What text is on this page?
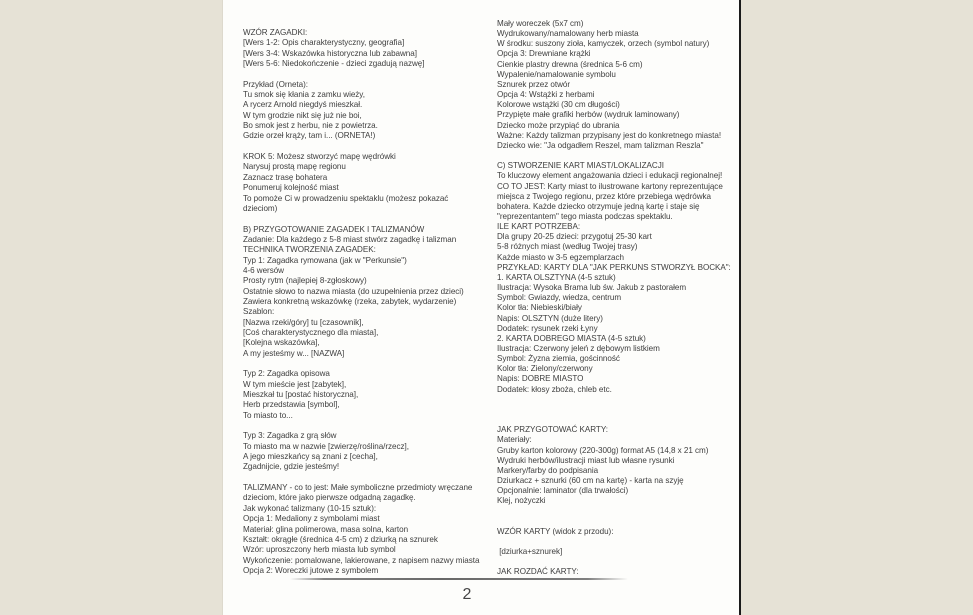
WZÓR ZAGADKI:
[Wers 1-2: Opis charakterystyczny, geografia]
[Wers 3-4: Wskazówka historyczna lub zabawna]
[Wers 5-6: Niedokończenie - dzieci zgadują nazwę]

Przykład (Orneta):
Tu smok się kłania z zamku wieży,
A rycerz Arnold niegdyś mieszkał.
W tym grodzie nikt się już nie boi,
Bo smok jest z herbu, nie z powietrza.
Gdzie orzeł krąży, tam i... (ORNETA!)

KROK 5: Możesz stworzyć mapę wędrówki
Narysuj prostą mapę regionu
Zaznacz trasę bohatera
Ponumeruj kolejność miast
To pomoże Ci w prowadzeniu spektaklu (możesz pokazać
dzieciom)

B) PRZYGOTOWANIE ZAGADEK I TALIZMANÓW
Zadanie: Dla każdego z 5-8 miast stwórz zagadkę i talizman
TECHNIKA TWORZENIA ZAGADEK:
Typ 1: Zagadka rymowana (jak w "Perkunsie")
4-6 wersów
Prosty rytm (najlepiej 8-zgłoskowy)
Ostatnie słowo to nazwa miasta (do uzupełnienia przez dzieci)
Zawiera konkretną wskazówkę (rzeka, zabytek, wydarzenie)
Szablon:
[Nazwa rzeki/góry] tu [czasownik],
[Coś charakterystycznego dla miasta],
[Kolejna wskazówka],
A my jesteśmy w... [NAZWA]

Typ 2: Zagadka opisowa
W tym mieście jest [zabytek],
Mieszkał tu [postać historyczna],
Herb przedstawia [symbol],
To miasto to...

Typ 3: Zagadka z grą słów
To miasto ma w nazwie [zwierzę/roślina/rzecz],
A jego mieszkańcy są znani z [cecha],
Zgadnijcie, gdzie jesteśmy!

TALIZMANY - co to jest: Małe symboliczne przedmioty wręczane
dzieciom, które jako pierwsze odgadną zagadkę.
Jak wykonać talizmany (10-15 sztuk):
Opcja 1: Medaliony z symbolami miast
Materiał: glina polimerowa, masa solna, karton
Kształt: okrągłe (średnica 4-5 cm) z dziurką na sznurek
Wzór: uproszczony herb miasta lub symbol
Wykończenie: pomalowane, lakierowane, z napisem nazwy miasta
Opcja 2: Woreczki jutowe z symbolem
Mały woreczek (5x7 cm)
Wydrukowany/namalowany herb miasta
W środku: suszony zioła, kamyczek, orzech (symbol natury)
Opcja 3: Drewniane krążki
Cienkie plastry drewna (średnica 5-6 cm)
Wypalenie/namalowanie symbolu
Sznurek przez otwór
Opcja 4: Wstążki z herbami
Kolorowe wstążki (30 cm długości)
Przypięte małe grafiki herbów (wydruk laminowany)
Dziecko może przypiąć do ubrania
Ważne: Każdy talizman przypisany jest do konkretnego miasta!
Dziecko wie: "Ja odgadłem Reszel, mam talizman Reszla"

C) STWORZENIE KART MIAST/LOKALIZACJI
To kluczowy element angażowania dzieci i edukacji regionalnej!
CO TO JEST: Karty miast to ilustrowane kartony reprezentujące
miejsca z Twojego regionu, przez które przebiega wędrówka
bohatera. Każde dziecko otrzymuje jedną kartę i staje się
"reprezentantem" tego miasta podczas spektaklu.
ILE KART POTRZEBA:
Dla grupy 20-25 dzieci: przygotuj 25-30 kart
5-8 różnych miast (według Twojej trasy)
Każde miasto w 3-5 egzemplarzach
PRZYKŁAD: KARTY DLA "JAK PERKUNS STWORZYŁ BOCKA":
1. KARTA OLSZTYNA (4-5 sztuk)
Ilustracja: Wysoka Brama lub św. Jakub z pastorałem
Symbol: Gwiazdy, wiedza, centrum
Kolor tła: Niebieski/biały
Napis: OLSZTYN (duże litery)
Dodatek: rysunek rzeki Łyny
2. KARTA DOBREGO MIASTA (4-5 sztuk)
Ilustracja: Czerwony jeleń z dębowym listkiem
Symbol: Żyzna ziemia, gościnność
Kolor tła: Zielony/czerwony
Napis: DOBRE MIASTO
Dodatek: kłosy zboża, chleb etc.

JAK PRZYGOTOWAĆ KARTY:
Materiały:
Gruby karton kolorowy (220-300g) format A5 (14,8 x 21 cm)
Wydruki herbów/ilustracji miast lub własne rysunki
Markery/farby do podpisania
Dziurkacz + sznurki (60 cm na kartę) - karta na szyję
Opcjonalnie: laminator (dla trwałości)
Klej, nożyczki

WZÓR KARTY (widok z przodu):

[dziurka+sznurek]

JAK ROZDAĆ KARTY:
2
